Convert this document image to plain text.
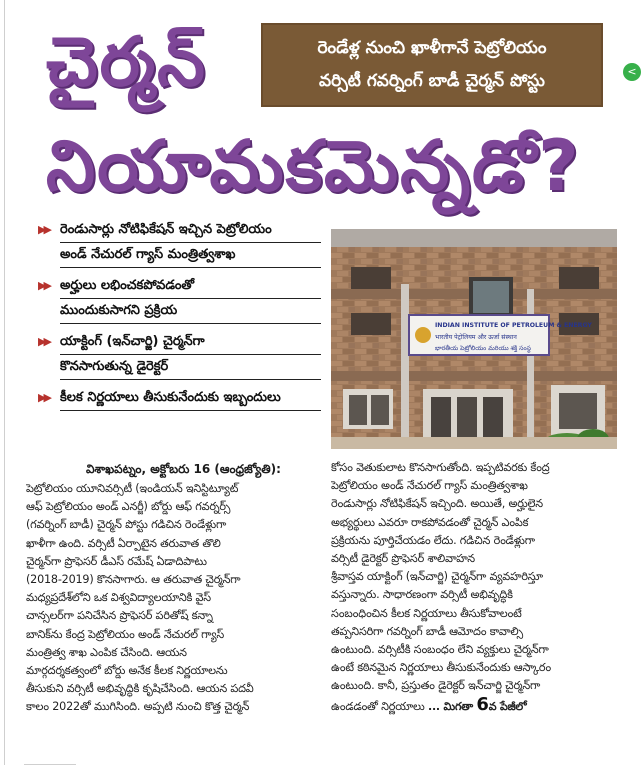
చైర్మన్
నియామకమెన్నడో?
రెండేళ్ల నుంచి ఖాళీగానే పెట్రోలియం
వర్సిటీ గవర్నింగ్ బాడీ చైర్మన్ పోస్టు	<
▶▶ రెండుసార్లు నోటిఫికేషన్ ఇచ్చిన పెట్రోలియం
అండ్ నేచురల్ గ్యాస్ మంత్రిత్వశాఖ
▶▶ అర్హులు లభించకపోవడంతో
ముందుకుసాగని ప్రక్రియ
▶▶ యాక్టింగ్ (ఇన్‌చార్జి) చైర్మన్‌గా
కొనసాగుతున్న డైరెక్టర్
▶▶ కీలక నిర్ణయాలు తీసుకునేందుకు ఇబ్బందులు
INDIAN INSTITUTE OF PETROLEUM & ENERGY
भारतीय पेट्रोलियम और ऊर्जा संस्थान
భారతీయ పెట్రోలియం మరియు శక్తి సంస్థ
విశాఖపట్నం, అక్టోబరు 16 (ఆంధ్రజ్యోతి):
పెట్రోలియం యూనివర్సిటీ (ఇండియన్ ఇనిస్టిట్యూట్
ఆఫ్ పెట్రోలియం అండ్ ఎనర్జీ) బోర్డు ఆఫ్ గవర్నర్స్
(గవర్నింగ్ బాడీ) చైర్మన్ పోస్టు గడిచిన రెండేళ్లుగా
ఖాళీగా ఉంది. వర్సిటీ ఏర్పాటైన తరువాత తొలి
చైర్మన్‌గా ప్రొఫెసర్ డీఎస్ రమేష్ ఏడాదిపాటు
(2018-2019) కొనసాగారు. ఆ తరువాత చైర్మన్‌గా
మధ్యప్రదేశ్‌లోని ఒక విశ్వవిద్యాలయానికి వైస్
చాన్సలర్‌గా పనిచేసిన ప్రొఫెసర్ పరితోష్ కన్నా
బానిక్‌ను కేంద్ర పెట్రోలియం అండ్ నేచురల్ గ్యాస్
మంత్రిత్వ శాఖ ఎంపిక చేసింది. ఆయన
మార్గదర్శకత్వంలో బోర్డు అనేక కీలక నిర్ణయాలను
తీసుకుని వర్సిటీ అభివృద్ధికి కృషిచేసింది. ఆయన పదవీ
కాలం 2022తో ముగిసింది. అప్పటి నుంచి కొత్త చైర్మన్
కోసం వెతుకులాట కొనసాగుతోంది. ఇప్పటివరకు కేంద్ర
పెట్రోలియం అండ్ నేచురల్ గ్యాస్ మంత్రిత్వశాఖ
రెండుసార్లు నోటిఫికేషన్ ఇచ్చింది. అయితే, అర్హులైన
అభ్యర్థులు ఎవరూ రాకపోవడంతో చైర్మన్ ఎంపిక
ప్రక్రియను పూర్తిచేయడం లేదు. గడిచిన రెండేళ్లుగా
వర్సిటీ డైరెక్టర్ ప్రొఫెసర్ శాలివాహన
శ్రీవాస్తవ యాక్టింగ్ (ఇన్‌చార్జి) చైర్మన్‌గా వ్యవహరిస్తూ
వస్తున్నారు. సాధారణంగా వర్సిటీ అభివృద్ధికి
సంబంధించిన కీలక నిర్ణయాలు తీసుకోవాలంటే
తప్పనిసరిగా గవర్నింగ్ బాడీ ఆమోదం కావాల్సి
ఉంటుంది. వర్సిటీకి సంబంధం లేని వ్యక్తులు చైర్మన్‌గా
ఉంటే కఠినమైన నిర్ణయాలు తీసుకునేందుకు ఆస్కారం
ఉంటుంది. కానీ, ప్రస్తుతం డైరెక్టర్ ఇన్‌చార్జి చైర్మన్‌గా
ఉండడంతో నిర్ణయాలు ... మిగతా 6వ పేజీలో
